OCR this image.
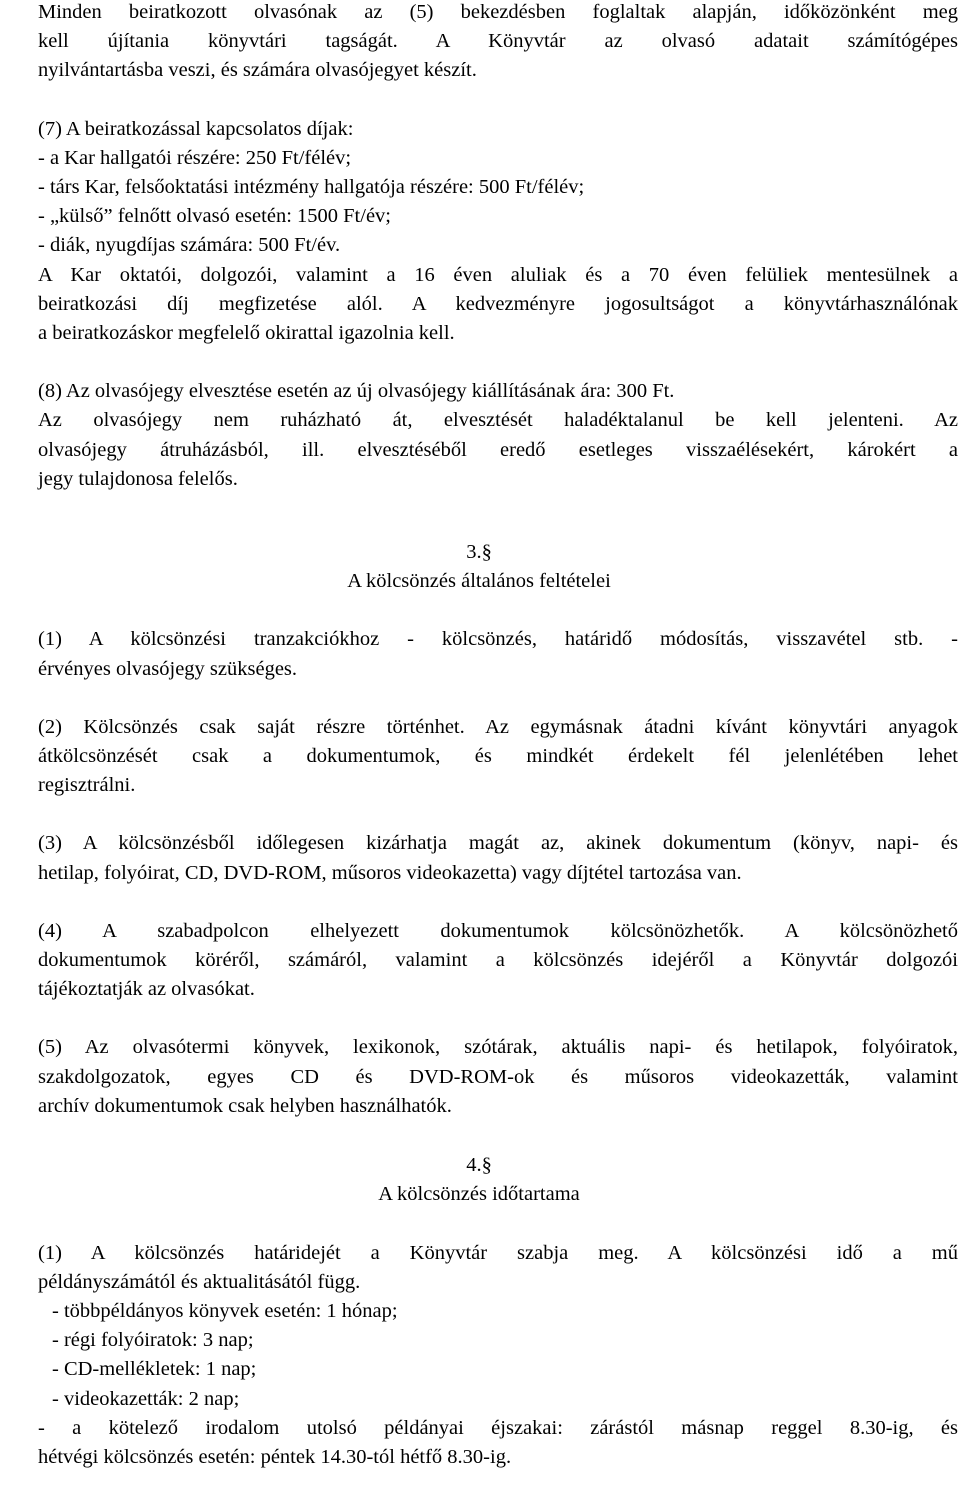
Minden beiratkozott olvasónak az (5) bekezdésben foglaltak alapján, időközönként meg
kell újítania könyvtári tagságát. A Könyvtár az olvasó adatait számítógépes
nyilvántartásba veszi, és számára olvasójegyet készít.
(7) A beiratkozással kapcsolatos díjak:
- a Kar hallgatói részére: 250 Ft/félév;
- társ Kar, felsőoktatási intézmény hallgatója részére: 500 Ft/félév;
- „külső” felnőtt olvasó esetén: 1500 Ft/év;
- diák, nyugdíjas számára: 500 Ft/év.
A Kar oktatói, dolgozói, valamint a 16 éven aluliak és a 70 éven felüliek mentesülnek a
beiratkozási díj megfizetése alól. A kedvezményre jogosultságot a könyvtárhasználónak
a beiratkozáskor megfelelő okirattal igazolnia kell.
(8) Az olvasójegy elvesztése esetén az új olvasójegy kiállításának ára: 300 Ft.
Az olvasójegy nem ruházható át, elvesztését haladéktalanul be kell jelenteni. Az
olvasójegy átruházásból, ill. elvesztéséből eredő esetleges visszaélésekért, károkért a
jegy tulajdonosa felelős.
3.§
A kölcsönzés általános feltételei
(1) A kölcsönzési tranzakciókhoz - kölcsönzés, határidő módosítás, visszavétel stb. -
érvényes olvasójegy szükséges.
(2) Kölcsönzés csak saját részre történhet. Az egymásnak átadni kívánt könyvtári anyagok
átkölcsönzését csak a dokumentumok, és mindkét érdekelt fél jelenlétében lehet
regisztrálni.
(3) A kölcsönzésből időlegesen kizárhatja magát az, akinek dokumentum (könyv, napi- és
hetilap, folyóirat, CD, DVD-ROM, műsoros videokazetta) vagy díjtétel tartozása van.
(4) A szabadpolcon elhelyezett dokumentumok kölcsönözhetők. A kölcsönözhető
dokumentumok köréről, számáról, valamint a kölcsönzés idejéről a Könyvtár dolgozói
tájékoztatják az olvasókat.
(5) Az olvasótermi könyvek, lexikonok, szótárak, aktuális napi- és hetilapok, folyóiratok,
szakdolgozatok, egyes CD és DVD-ROM-ok és műsoros videokazetták, valamint
archív dokumentumok csak helyben használhatók.
4.§
A kölcsönzés időtartama
(1) A kölcsönzés határidejét a Könyvtár szabja meg. A kölcsönzési idő a mű
példányszámától és aktualitásától függ.
- többpéldányos könyvek esetén: 1 hónap;
- régi folyóiratok: 3 nap;
- CD-mellékletek: 1 nap;
- videokazetták: 2 nap;
- a kötelező irodalom utolsó példányai éjszakai: zárástól másnap reggel 8.30-ig, és
hétvégi kölcsönzés esetén: péntek 14.30-tól hétfő 8.30-ig.
